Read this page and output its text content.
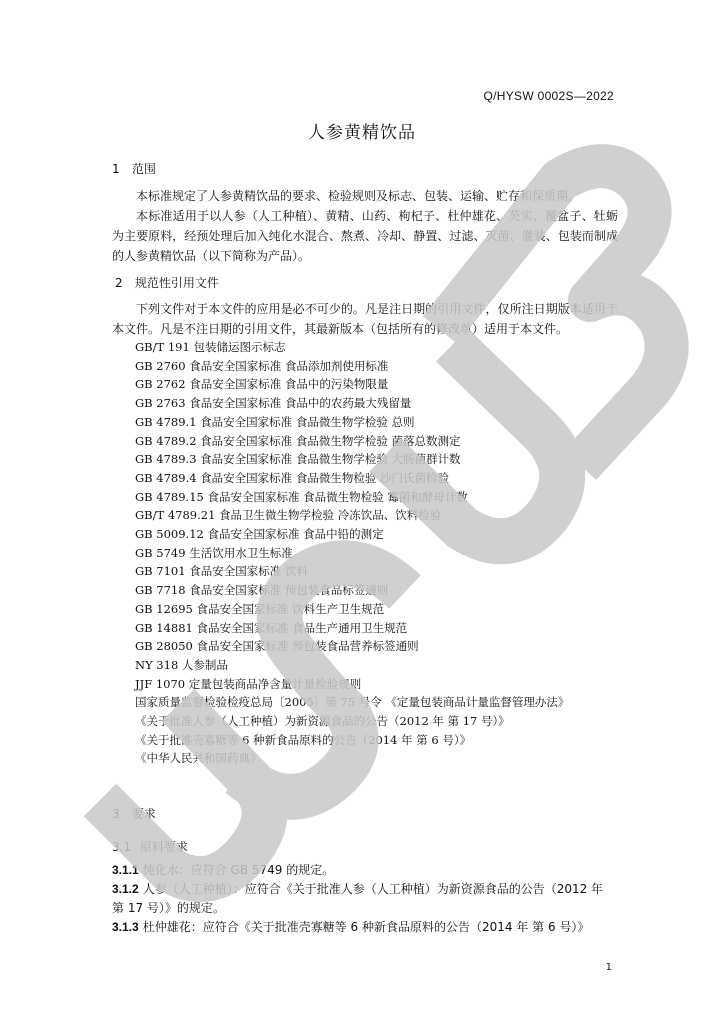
Q/HYSW 0002S—2022
人参黄精饮品
1 范围

本标准规定了人参黄精饮品的要求、检验规则及标志、包装、运输、贮存和保质期。

本标准适用于以人参（人工种植）、黄精、山药、枸杞子、杜仲雄花、芡实、覆盆子、牡蛎为主要原料，经预处理后加入纯化水混合、熬煮、冷却、静置、过滤、灭菌、灌装、包装而制成的人参黄精饮品（以下简称为产品）。

2 规范性引用文件

下列文件对于本文件的应用是必不可少的。凡是注日期的引用文件，仅所注日期版本适用于本文件。凡是不注日期的引用文件，其最新版本（包括所有的修改单）适用于本文件。

GB/T 191 包装储运图示标志
GB 2760 食品安全国家标准 食品添加剂使用标准
GB 2762 食品安全国家标准 食品中的污染物限量
GB 2763 食品安全国家标准 食品中的农药最大残留量
GB 4789.1 食品安全国家标准 食品微生物学检验 总则
GB 4789.2 食品安全国家标准 食品微生物学检验 菌落总数测定
GB 4789.3 食品安全国家标准 食品微生物学检验 大肠菌群计数
GB 4789.4 食品安全国家标准 食品微生物检验 沙门氏菌检验
GB 4789.15 食品安全国家标准 食品微生物检验 霉菌和酵母计数
GB/T 4789.21 食品卫生微生物学检验 冷冻饮品、饮料检验
GB 5009.12 食品安全国家标准 食品中铅的测定
GB 5749 生活饮用水卫生标准
GB 7101 食品安全国家标准 饮料
GB 7718 食品安全国家标准 预包装食品标签通则
GB 12695 食品安全国家标准 饮料生产卫生规范
GB 14881 食品安全国家标准 食品生产通用卫生规范
GB 28050 食品安全国家标准 预包装食品营养标签通则
NY 318 人参制品
JJF 1070 定量包装商品净含量计量检验规则
国家质量监督检验检疫总局〔2005〕第 75 号令 《定量包装商品计量监督管理办法》
《关于批准人参（人工种植）为新资源食品的公告（2012 年 第 17 号）》
《关于批准壳寡糖等 6 种新食品原料的公告（2014 年 第 6 号）》
《中华人民共和国药典》
3 要求
3.1 原料要求

3.1.1 纯化水：应符合 GB 5749 的规定。

3.1.2 人参（人工种植）：应符合《关于批准人参（人工种植）为新资源食品的公告（2012 年 第 17 号）》的规定。

3.1.3 杜仲雄花：应符合《关于批准壳寡糖等 6 种新食品原料的公告（2014 年 第 6 号）》

1
